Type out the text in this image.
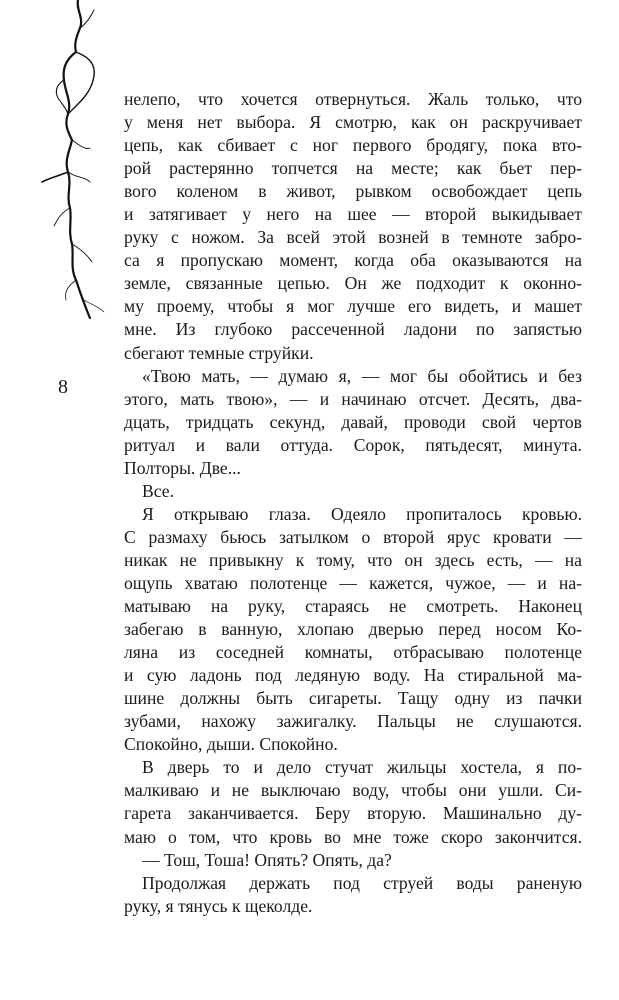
8
нелепо, что хочется отвернуться. Жаль только, что
у меня нет выбора. Я смотрю, как он раскручивает
цепь, как сбивает с ног первого бродягу, пока вто-
рой растерянно топчется на месте; как бьет пер-
вого коленом в живот, рывком освобождает цепь
и затягивает у него на шее — второй выкидывает
руку с ножом. За всей этой возней в темноте забро-
са я пропускаю момент, когда оба оказываются на
земле, связанные цепью. Он же подходит к оконно-
му проему, чтобы я мог лучше его видеть, и машет
мне. Из глубоко рассеченной ладони по запястью
сбегают темные струйки.
«Твою мать, — думаю я, — мог бы обойтись и без
этого, мать твою», — и начинаю отсчет. Десять, два-
дцать, тридцать секунд, давай, проводи свой чертов
ритуал и вали оттуда. Сорок, пятьдесят, минута.
Полторы. Две...
Все.
Я открываю глаза. Одеяло пропиталось кровью.
С размаху бьюсь затылком о второй ярус кровати —
никак не привыкну к тому, что он здесь есть, — на
ощупь хватаю полотенце — кажется, чужое, — и на-
матываю на руку, стараясь не смотреть. Наконец
забегаю в ванную, хлопаю дверью перед носом Ко-
ляна из соседней комнаты, отбрасываю полотенце
и сую ладонь под ледяную воду. На стиральной ма-
шине должны быть сигареты. Тащу одну из пачки
зубами, нахожу зажигалку. Пальцы не слушаются.
Спокойно, дыши. Спокойно.
В дверь то и дело стучат жильцы хостела, я по-
малкиваю и не выключаю воду, чтобы они ушли. Си-
гарета заканчивается. Беру вторую. Машинально ду-
маю о том, что кровь во мне тоже скоро закончится.
— Тош, Тоша! Опять? Опять, да?
Продолжая держать под струей воды раненую
руку, я тянусь к щеколде.
